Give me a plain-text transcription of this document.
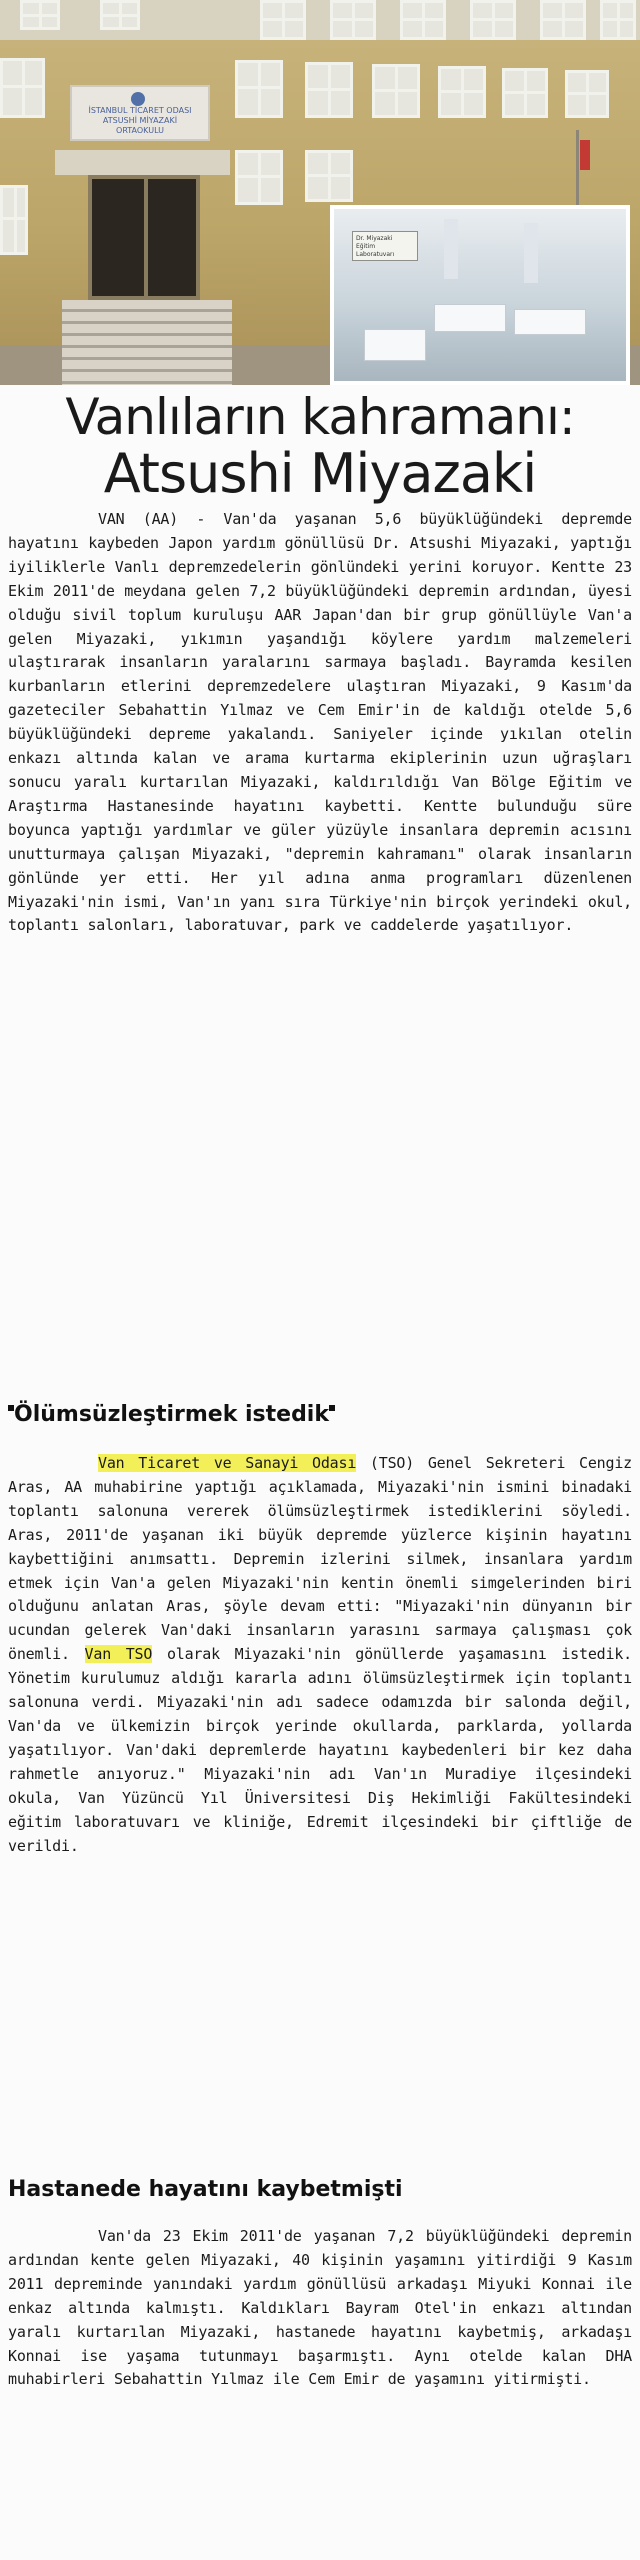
İSTANBUL TİCARET ODASI
ATSUSHİ MİYAZAKİ
ORTAOKULU
Dr. Miyazaki
Eğitim Laboratuvarı
Vanlıların kahramanı:
Atsushi Miyazaki

VAN (AA) - Van'da yaşanan 5,6 büyüklüğündeki depremde hayatını kaybeden Japon yardım gönüllüsü Dr. Atsushi Miyazaki, yaptığı iyiliklerle Vanlı depremzedelerin gönlündeki yerini koruyor. Kentte 23 Ekim 2011'de meydana gelen 7,2 büyüklüğündeki depremin ardından, üyesi olduğu sivil toplum kuruluşu AAR Japan'dan bir grup gönüllüyle Van'a gelen Miyazaki, yıkımın yaşandığı köylere yardım malzemeleri ulaştırarak insanların yaralarını sarmaya başladı. Bayramda kesilen kurbanların etlerini depremzedelere ulaştıran Miyazaki, 9 Kasım'da gazeteciler Sebahattin Yılmaz ve Cem Emir'in de kaldığı otelde 5,6 büyüklüğündeki depreme yakalandı. Saniyeler içinde yıkılan otelin enkazı altında kalan ve arama kurtarma ekiplerinin uzun uğraşları sonucu yaralı kurtarılan Miyazaki, kaldırıldığı Van Bölge Eğitim ve Araştırma Hastanesinde hayatını kaybetti. Kentte bulunduğu süre boyunca yaptığı yardımlar ve güler yüzüyle insanlara depremin acısını unutturmaya çalışan Miyazaki, "depremin kahramanı" olarak insanların gönlünde yer etti. Her yıl adına anma programları düzenlenen Miyazaki'nin ismi, Van'ın yanı sıra Türkiye'nin birçok yerindeki okul, toplantı salonları, laboratuvar, park ve caddelerde yaşatılıyor.

Ölümsüzleştirmek istedik

Van Ticaret ve Sanayi Odası (TSO) Genel Sekreteri Cengiz Aras, AA muhabirine yaptığı açıklamada, Miyazaki'nin ismini binadaki toplantı salonuna vererek ölümsüzleştirmek istediklerini söyledi. Aras, 2011'de yaşanan iki büyük depremde yüzlerce kişinin hayatını kaybettiğini anımsattı. Depremin izlerini silmek, insanlara yardım etmek için Van'a gelen Miyazaki'nin kentin önemli simgelerinden biri olduğunu anlatan Aras, şöyle devam etti: "Miyazaki'nin dünyanın bir ucundan gelerek Van'daki insanların yarasını sarmaya çalışması çok önemli. Van TSO olarak Miyazaki'nin gönüllerde yaşamasını istedik. Yönetim kurulumuz aldığı kararla adını ölümsüzleştirmek için toplantı salonuna verdi. Miyazaki'nin adı sadece odamızda bir salonda değil, Van'da ve ülkemizin birçok yerinde okullarda, parklarda, yollarda yaşatılıyor. Van'daki depremlerde hayatını kaybedenleri bir kez daha rahmetle anıyoruz." Miyazaki'nin adı Van'ın Muradiye ilçesindeki okula, Van Yüzüncü Yıl Üniversitesi Diş Hekimliği Fakültesindeki eğitim laboratuvarı ve kliniğe, Edremit ilçesindeki bir çiftliğe de verildi.

Hastanede hayatını kaybetmişti

Van'da 23 Ekim 2011'de yaşanan 7,2 büyüklüğündeki depremin ardından kente gelen Miyazaki, 40 kişinin yaşamını yitirdiği 9 Kasım 2011 depreminde yanındaki yardım gönüllüsü arkadaşı Miyuki Konnai ile enkaz altında kalmıştı. Kaldıkları Bayram Otel'in enkazı altından yaralı kurtarılan Miyazaki, hastanede hayatını kaybetmiş, arkadaşı Konnai ise yaşama tutunmayı başarmıştı. Aynı otelde kalan DHA muhabirleri Sebahattin Yılmaz ile Cem Emir de yaşamını yitirmişti.
